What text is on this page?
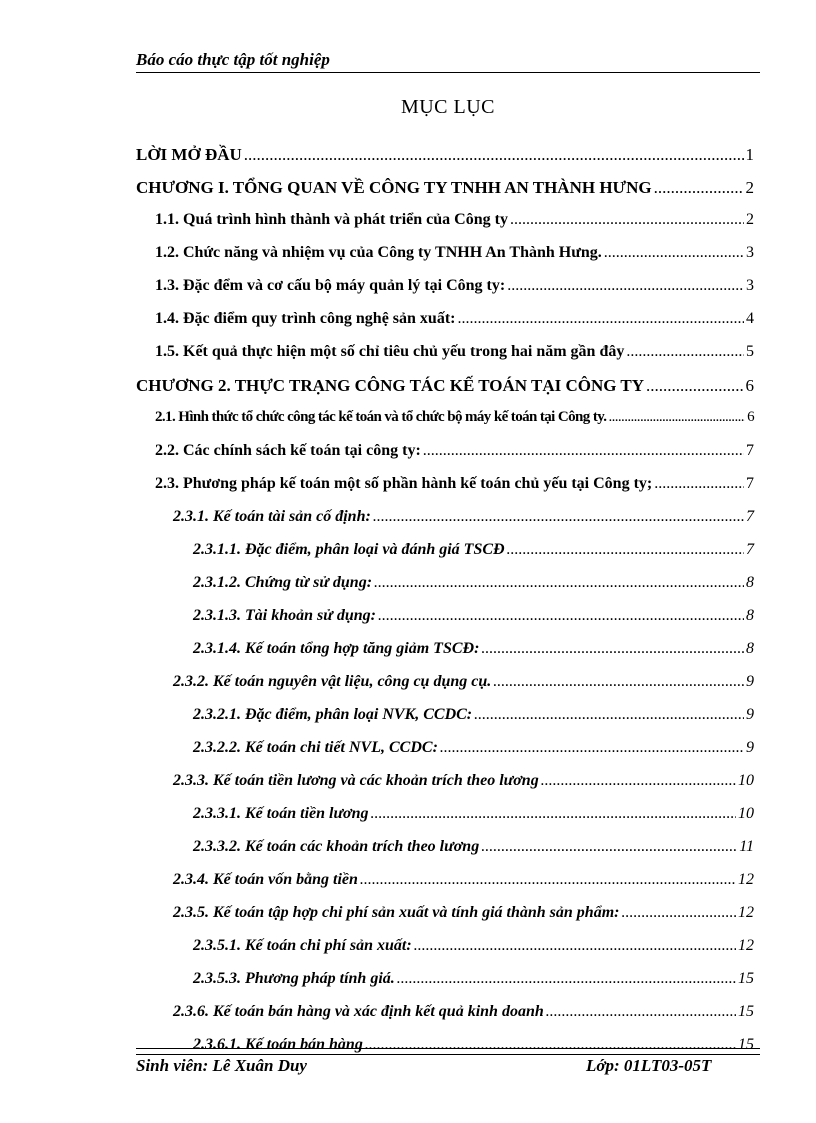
Báo cáo thực tập tốt nghiệp
MỤC LỤC
LỜI MỞ ĐẦU .....	1
CHƯƠNG I. TỔNG QUAN VỀ CÔNG TY TNHH AN THÀNH HƯNG .....	2
1.1. Quá trình hình thành và phát triển của Công ty .....	2
1.2. Chức năng và nhiệm vụ của Công ty TNHH An Thành Hưng. .....	3
1.3. Đặc đểm và cơ cấu bộ máy quản lý tại Công ty: .....	3
1.4. Đặc điểm quy trình công nghệ sản xuất: .....	4
1.5. Kết quả thực hiện một số chỉ tiêu chủ yếu trong hai năm gần đây .....	5
CHƯƠNG 2. THỰC TRẠNG CÔNG TÁC KẾ TOÁN TẠI CÔNG TY .....	6
2.1. Hình thức tổ chức công tác kế toán và tổ chức bộ máy kế toán tại Công ty. .....	6
2.2. Các chính sách kế toán tại công ty: .....	7
2.3. Phương pháp kế toán một số phần hành kế toán chủ yếu tại Công ty; .....	7
2.3.1. Kế toán tài sản cố định: .....	7
2.3.1.1. Đặc điểm, phân loại và đánh giá TSCĐ .....	7
2.3.1.2. Chứng từ sử dụng: .....	8
2.3.1.3. Tài khoản sử dụng: .....	8
2.3.1.4. Kế toán tổng hợp tăng giảm TSCĐ: .....	8
2.3.2. Kế toán nguyên vật liệu, công cụ dụng cụ. .....	9
2.3.2.1. Đặc điểm, phân loại NVK, CCDC: .....	9
2.3.2.2. Kế toán chi tiết NVL, CCDC: .....	9
2.3.3. Kế toán tiền lương và các khoản trích theo lương .....	10
2.3.3.1. Kế toán tiền lương .....	10
2.3.3.2. Kế toán các khoản trích theo lương .....	11
2.3.4. Kế toán vốn bằng tiền .....	12
2.3.5. Kế toán tập hợp chi phí sản xuất và tính giá thành sản phẩm: .....	12
2.3.5.1. Kế toán chi phí sản xuất: .....	12
2.3.5.3. Phương pháp tính giá. .....	15
2.3.6. Kế toán bán hàng và xác định kết quả kinh doanh .....	15
2.3.6.1. Kế toán bán hàng .....	15
Sinh viên: Lê Xuân Duy	Lớp: 01LT03-05T
